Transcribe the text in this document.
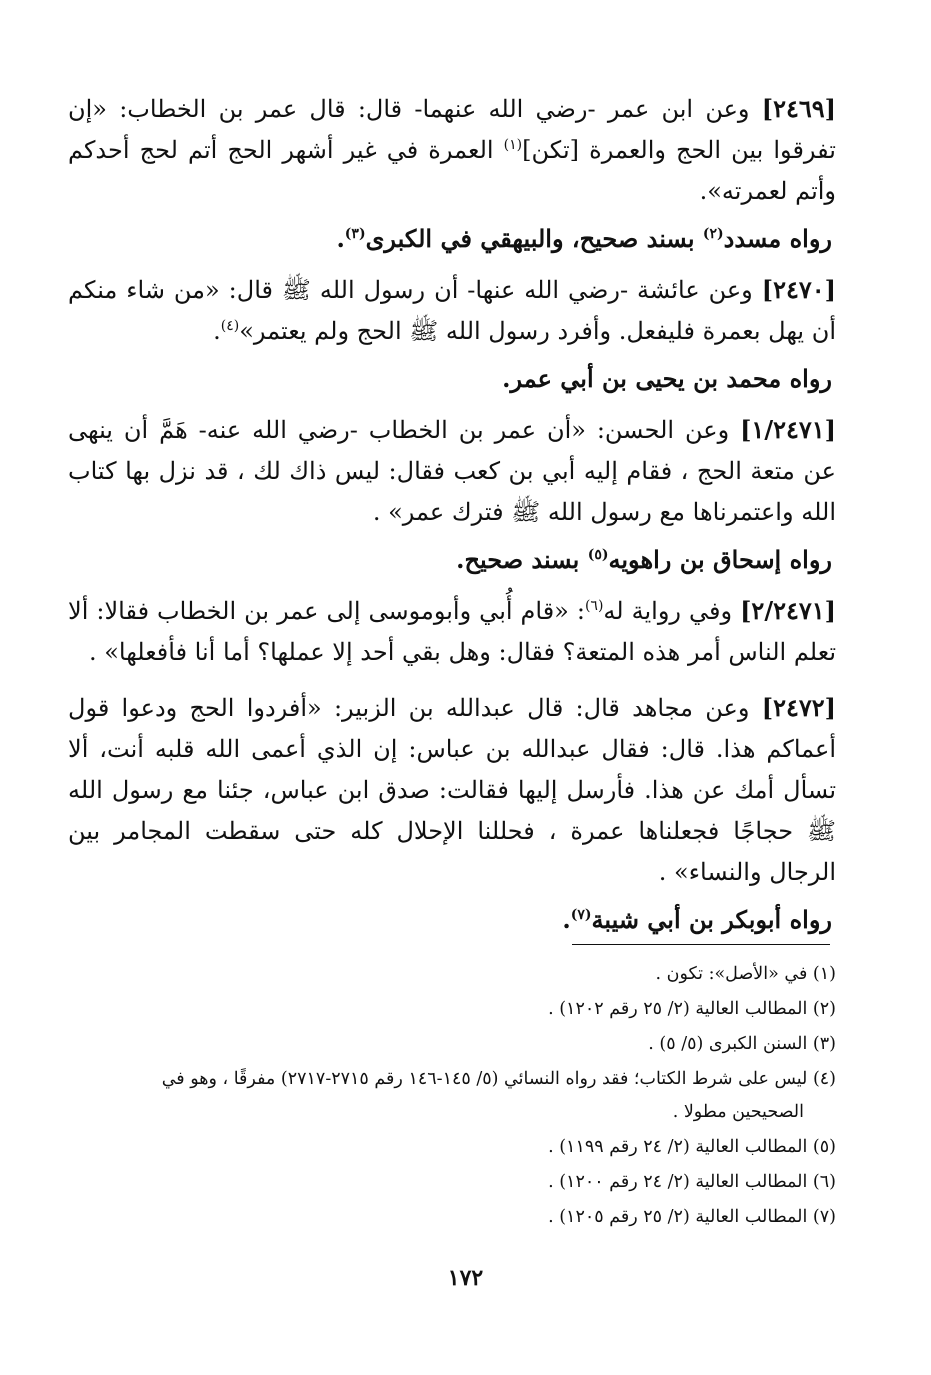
[٢٤٦٩] وعن ابن عمر -رضي الله عنهما- قال: قال عمر بن الخطاب: «إن تفرقوا بين الحج والعمرة [تكن]$^{(١)}$ العمرة في غير أشهر الحج أتم لحج أحدكم وأتم لعمرته».

رواه مسدد$^{(٢)}$ بسند صحيح، والبيهقي في الكبرى$^{(٣)}$.

[٢٤٧٠] وعن عائشة -رضي الله عنها- أن رسول الله ﷺ قال: «من شاء منكم أن يهل بعمرة فليفعل. وأفرد رسول الله ﷺ الحج ولم يعتمر»$^{(٤)}$.

رواه محمد بن يحيى بن أبي عمر.

[١/٢٤٧١] وعن الحسن: «أن عمر بن الخطاب -رضي الله عنه- هَمَّ أن ينهى عن متعة الحج ، فقام إليه أبي بن كعب فقال: ليس ذاك لك ، قد نزل بها كتاب الله واعتمرناها مع رسول الله ﷺ فترك عمر» .

رواه إسحاق بن راهويه$^{(٥)}$ بسند صحيح.

[٢/٢٤٧١] وفي رواية له$^{(٦)}$: «قام أُبي وأبوموسى إلى عمر بن الخطاب فقالا: ألا تعلم الناس أمر هذه المتعة؟ فقال: وهل بقي أحد إلا عملها؟ أما أنا فأفعلها» .

[٢٤٧٢] وعن مجاهد قال: قال عبدالله بن الزبير: «أفردوا الحج ودعوا قول أعماكم هذا. قال: فقال عبدالله بن عباس: إن الذي أعمى الله قلبه أنت، ألا تسأل أمك عن هذا. فأرسل إليها فقالت: صدق ابن عباس، جئنا مع رسول الله ﷺ حجاجًا فجعلناها عمرة ، فحللنا الإحلال كله حتى سقطت المجامر بين الرجال والنساء» .

رواه أبوبكر بن أبي شيبة$^{(٧)}$.

(١) في «الأصل»: تكون .
(٢) المطالب العالية (٢/ ٢٥ رقم ١٢٠٢) .
(٣) السنن الكبرى (٥/ ٥) .
(٤) ليس على شرط الكتاب؛ فقد رواه النسائي (٥/ ١٤٥-١٤٦ رقم ٢٧١٥-٢٧١٧) مفرقًا ، وهو في
الصحيحين مطولا .
(٥) المطالب العالية (٢/ ٢٤ رقم ١١٩٩) .
(٦) المطالب العالية (٢/ ٢٤ رقم ١٢٠٠) .
(٧) المطالب العالية (٢/ ٢٥ رقم ١٢٠٥) .
١٧٢
